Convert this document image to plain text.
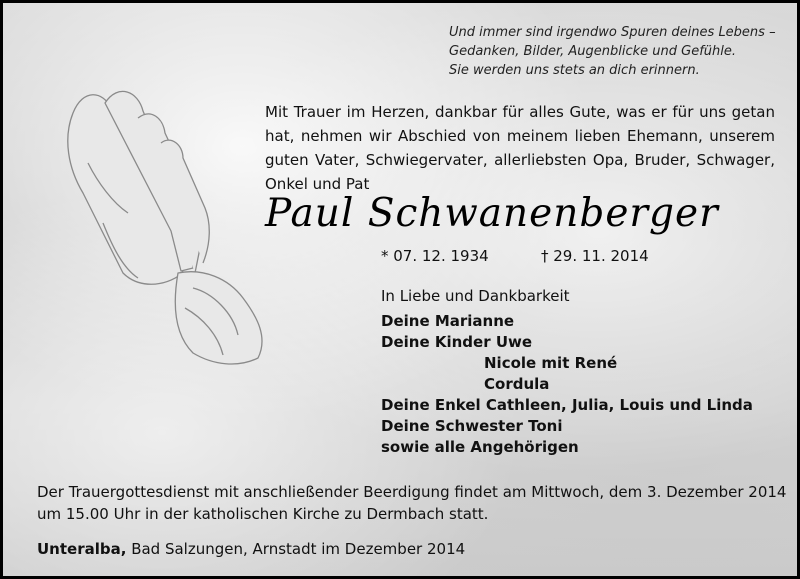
Und immer sind irgendwo Spuren deines Lebens –
Gedanken, Bilder, Augenblicke und Gefühle.
Sie werden uns stets an dich erinnern.
Mit Trauer im Herzen, dankbar für alles Gute, was er für uns getan hat, nehmen wir Abschied von meinem lieben Ehemann, unserem guten Vater, Schwiegervater, allerliebsten Opa, Bruder, Schwager, Onkel und Pat
Paul Schwanenberger
* 07. 12. 1934	† 29. 11. 2014
In Liebe und Dankbarkeit
Deine Marianne
Deine Kinder Uwe
Nicole mit René
Cordula
Deine Enkel Cathleen, Julia, Louis und Linda
Deine Schwester Toni
sowie alle Angehörigen
Der Trauergottesdienst mit anschließender Beerdigung findet am Mittwoch, dem 3. Dezember 2014
um 15.00 Uhr in der katholischen Kirche zu Dermbach statt.
Unteralba, Bad Salzungen, Arnstadt im Dezember 2014
